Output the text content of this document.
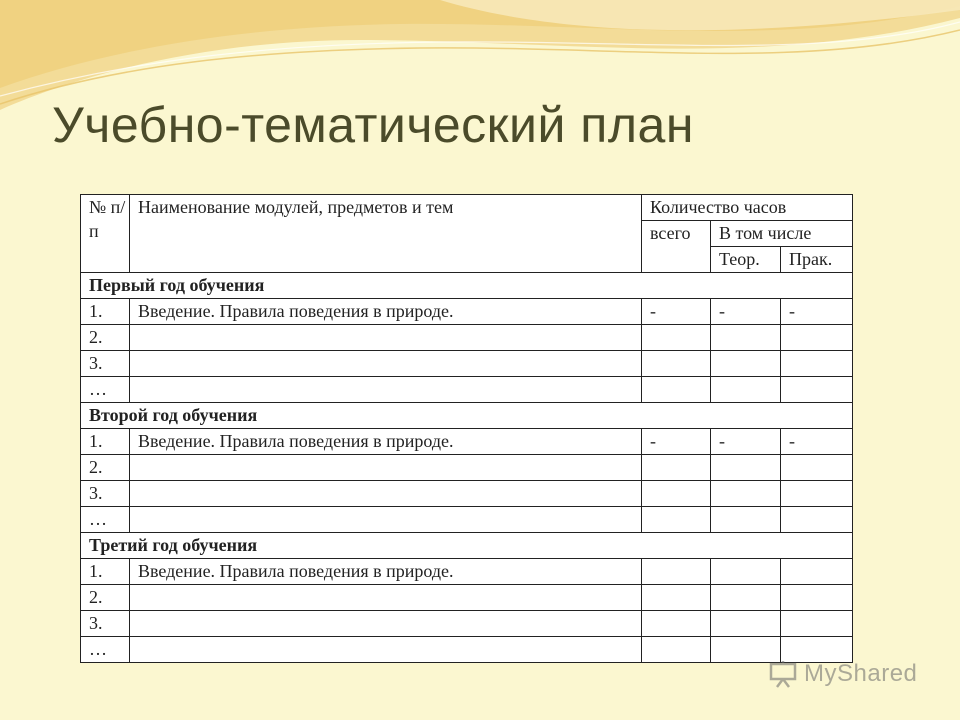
Учебно-тематический план
№ п/п	Наименование модулей, предметов и тем	Количество часов		
		всего	В том числе	
			Теор.	Прак.
Первый год обучения				
1.	Введение. Правила поведения в природе.	-	-	-
2.				
3.				
…				
Второй год обучения				
1.	Введение. Правила поведения в природе.	-	-	-
2.				
3.				
…				
Третий год обучения				
1.	Введение. Правила поведения в природе.			
2.				
3.				
…				
MyShared
